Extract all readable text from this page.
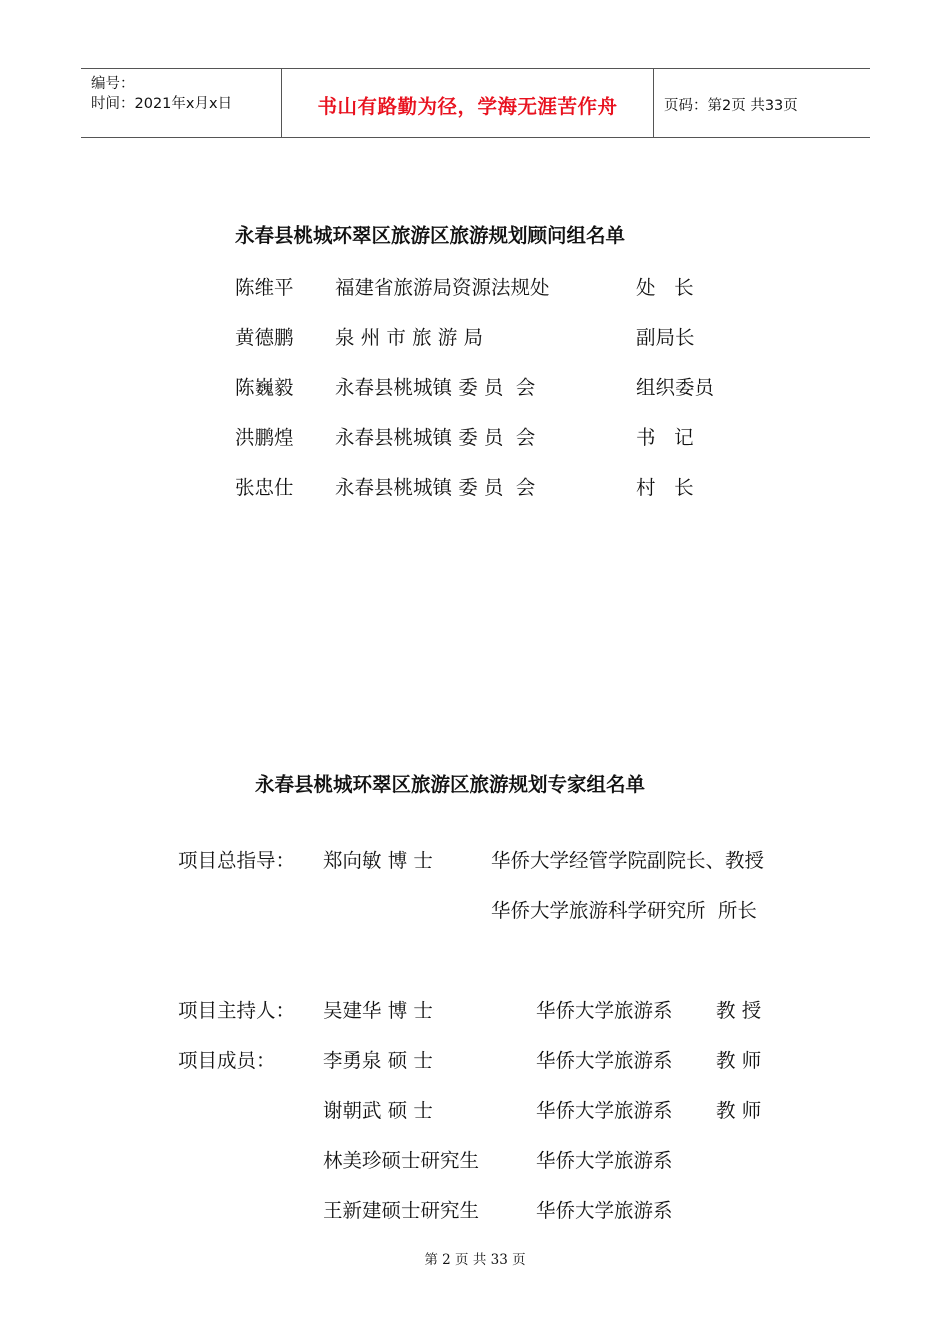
编号：
时间：2021年x月x日	书山有路勤为径，学海无涯苦作舟	页码：第2页 共33页
永春县桃城环翠区旅游区旅游规划顾问组名单
陈维平 福建省旅游局资源法规处	处   长
黄德鹏 泉 州 市 旅 游 局	副局长
陈巍毅 永春县桃城镇 委 员  会	组织委员
洪鹏煌 永春县桃城镇 委 员  会	书   记
张忠仕 永春县桃城镇 委 员  会	村   长
永春县桃城环翠区旅游区旅游规划专家组名单
项目总指导： 郑向敏 博 士	华侨大学经管学院副院长、教授
华侨大学旅游科学研究所  所长
项目主持人： 吴建华 博 士	华侨大学旅游系 教 授
项目成员： 李勇泉 硕 士	华侨大学旅游系 教 师
谢朝武 硕 士	华侨大学旅游系 教 师
林美珍硕士研究生	华侨大学旅游系
王新建硕士研究生	华侨大学旅游系
第 2 页 共 33 页
